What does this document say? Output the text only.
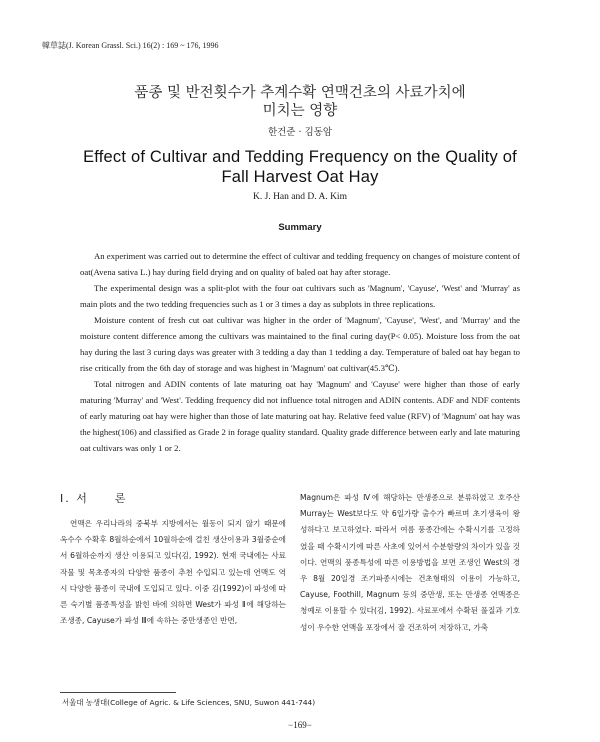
韓草誌(J. Korean Grassl. Sci.) 16(2) : 169 ~ 176, 1996
품종 및 반전횟수가 추계수확 연맥건초의 사료가치에
미치는 영향
한건준 · 김동암
Effect of Cultivar and Tedding Frequency on the Quality of
Fall Harvest Oat Hay
K. J. Han and D. A. Kim
Summary

An experiment was carried out to determine the effect of cultivar and tedding frequency on changes of moisture content of oat(Avena sativa L.) hay during field drying and on quality of baled oat hay after storage.

The experimental design was a split-plot with the four oat cultivars such as 'Magnum', 'Cayuse', 'West' and 'Murray' as main plots and the two tedding frequencies such as 1 or 3 times a day as subplots in three replications.

Moisture content of fresh cut oat cultivar was higher in the order of 'Magnum', 'Cayuse', 'West', and 'Murray' and the moisture content difference among the cultivars was maintained to the final curing day(P< 0.05). Moisture loss from the oat hay during the last 3 curing days was greater with 3 tedding a day than 1 tedding a day. Temperature of baled oat hay began to rise critically from the 6th day of storage and was highest in 'Magnum' oat cultivar(45.3℃).

Total nitrogen and ADIN contents of late maturing oat hay 'Magnum' and 'Cayuse' were higher than those of early maturing 'Murray' and 'West'. Tedding frequency did not influence total nitrogen and ADIN contents. ADF and NDF contents of early maturing oat hay were higher than those of late maturing oat hay. Relative feed value (RFV) of 'Magnum' oat hay was the highest(106) and classified as Grade 2 in forage quality standard. Quality grade difference between early and late maturing oat cultivars was only 1 or 2.

Ⅰ. 서　　론

연맥은 우리나라의 중북부 지방에서는 월동이 되지 않기 때문에 옥수수 수확후 8월하순에서 10월하순에 걸친 생산이용과 3월중순에서 6월하순까지 생산 이용되고 있다(김, 1992). 현재 국내에는 사료작물 및 목초종자의 다양한 품종이 추천 수입되고 있는데 연맥도 역시 다양한 품종이 국내에 도입되고 있다. 이중 김(1992)이 파성에 따른 숙기별 품종특성을 밝힌 바에 의하면 West가 파성 Ⅱ에 해당하는 조생종, Cayuse가 파성 Ⅲ에 속하는 중만생종인 반면,

Magnum은 파성 Ⅳ에 해당하는 만생종으로 분류하였고 호주산 Murray는 West보다도 약 6일가량 출수가 빠르며 초기생육이 왕성하다고 보고하였다. 따라서 여름 풍종간에는 수확시기를 고정하였을 때 수확시기에 따른 사초에 있어서 수분함량의 차이가 있을 것이다. 연맥의 풍종특성에 따른 이용방법을 보면 조생인 West의 경우 8월 20일경 조기파종시에는 건초형태의 이용이 가능하고, Cayuse, Foothill, Magnum 등의 중만생, 또는 만생종 연맥종은 청예로 이용할 수 있다(김, 1992). 사료포에서 수확된 풀질과 기호성이 우수한 연맥을 포장에서 잘 건조하여 저장하고, 가축

서울대 농생대(College of Agric. & Life Sciences, SNU, Suwon 441-744)
−169−
